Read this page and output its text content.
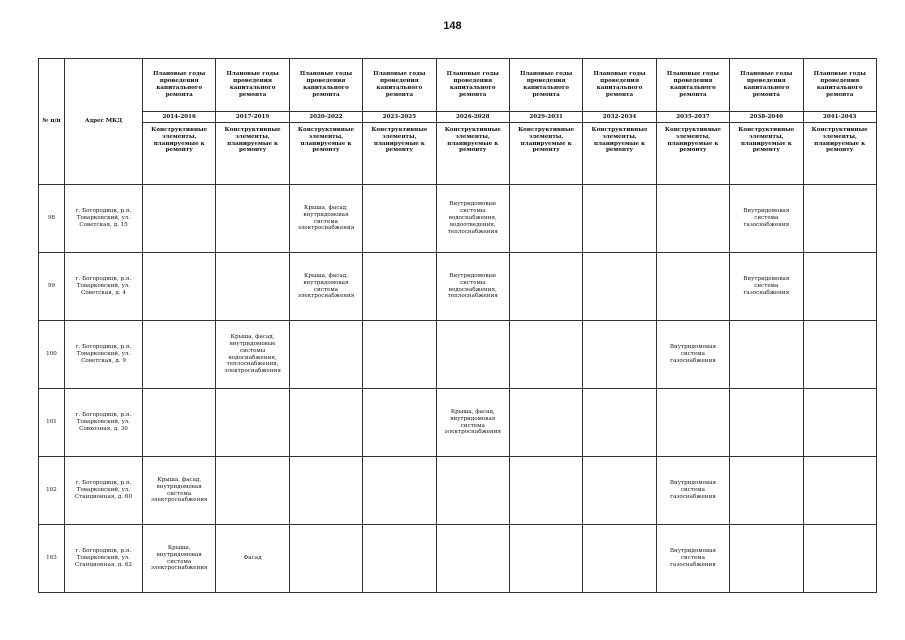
148
№ п/п	Адрес МКД	Плановые годы проведения капитального ремонта	Плановые годы проведения капитального ремонта	Плановые годы проведения капитального ремонта	Плановые годы проведения капитального ремонта	Плановые годы проведения капитального ремонта	Плановые годы проведения капитального ремонта	Плановые годы проведения капитального ремонта	Плановые годы проведения капитального ремонта	Плановые годы проведения капитального ремонта	Плановые годы проведения капитального ремонта
		2014-2016	2017-2019	2020-2022	2023-2025	2026-2028	2029-2031	2032-2034	2035-2037	2038-2040	2041-2043
		Конструктивные элементы, планируемые к ремонту	Конструктивные элементы, планируемые к ремонту	Конструктивные элементы, планируемые к ремонту	Конструктивные элементы, планируемые к ремонту	Конструктивные элементы, планируемые к ремонту	Конструктивные элементы, планируемые к ремонту	Конструктивные элементы, планируемые к ремонту	Конструктивные элементы, планируемые к ремонту	Конструктивные элементы, планируемые к ремонту	Конструктивные элементы, планируемые к ремонту
98	г. Богородицк, р.п. Товарковский, ул. Советская, д. 15			Крыша, фасад, внутридомовая система электроснабжения		Внутридомовые системы водоснабжения, водоотведения, теплоснабжения				Внутридомовая система газоснабжения	
99	г. Богородицк, р.п. Товарковский, ул. Советская, д. 4			Крыша, фасад, внутридомовая система электроснабжения		Внутридомовые системы водоснабжения, теплоснабжения				Внутридомовая система газоснабжения	
100	г. Богородицк, р.п. Товарковский, ул. Советская, д. 9		Крыша, фасад, внутридомовые системы водоснабжения, теплоснабжения, электроснабжения						Внутридомовая система газоснабжения		
101	г. Богородицк, р.п. Товарковский, ул. Совхозная, д. 30					Крыша, фасад, внутридомовая система электроснабжения					
102	г. Богородицк, р.п. Товарковский, ул. Станционная, д. 60	Крыша, фасад, внутридомовая система электроснабжения							Внутридомовая система газоснабжения		
103	г. Богородицк, р.п. Товарковский, ул. Станционная, д. 62	Крыша, внутридомовая система электроснабжения	Фасад						Внутридомовая система газоснабжения		
